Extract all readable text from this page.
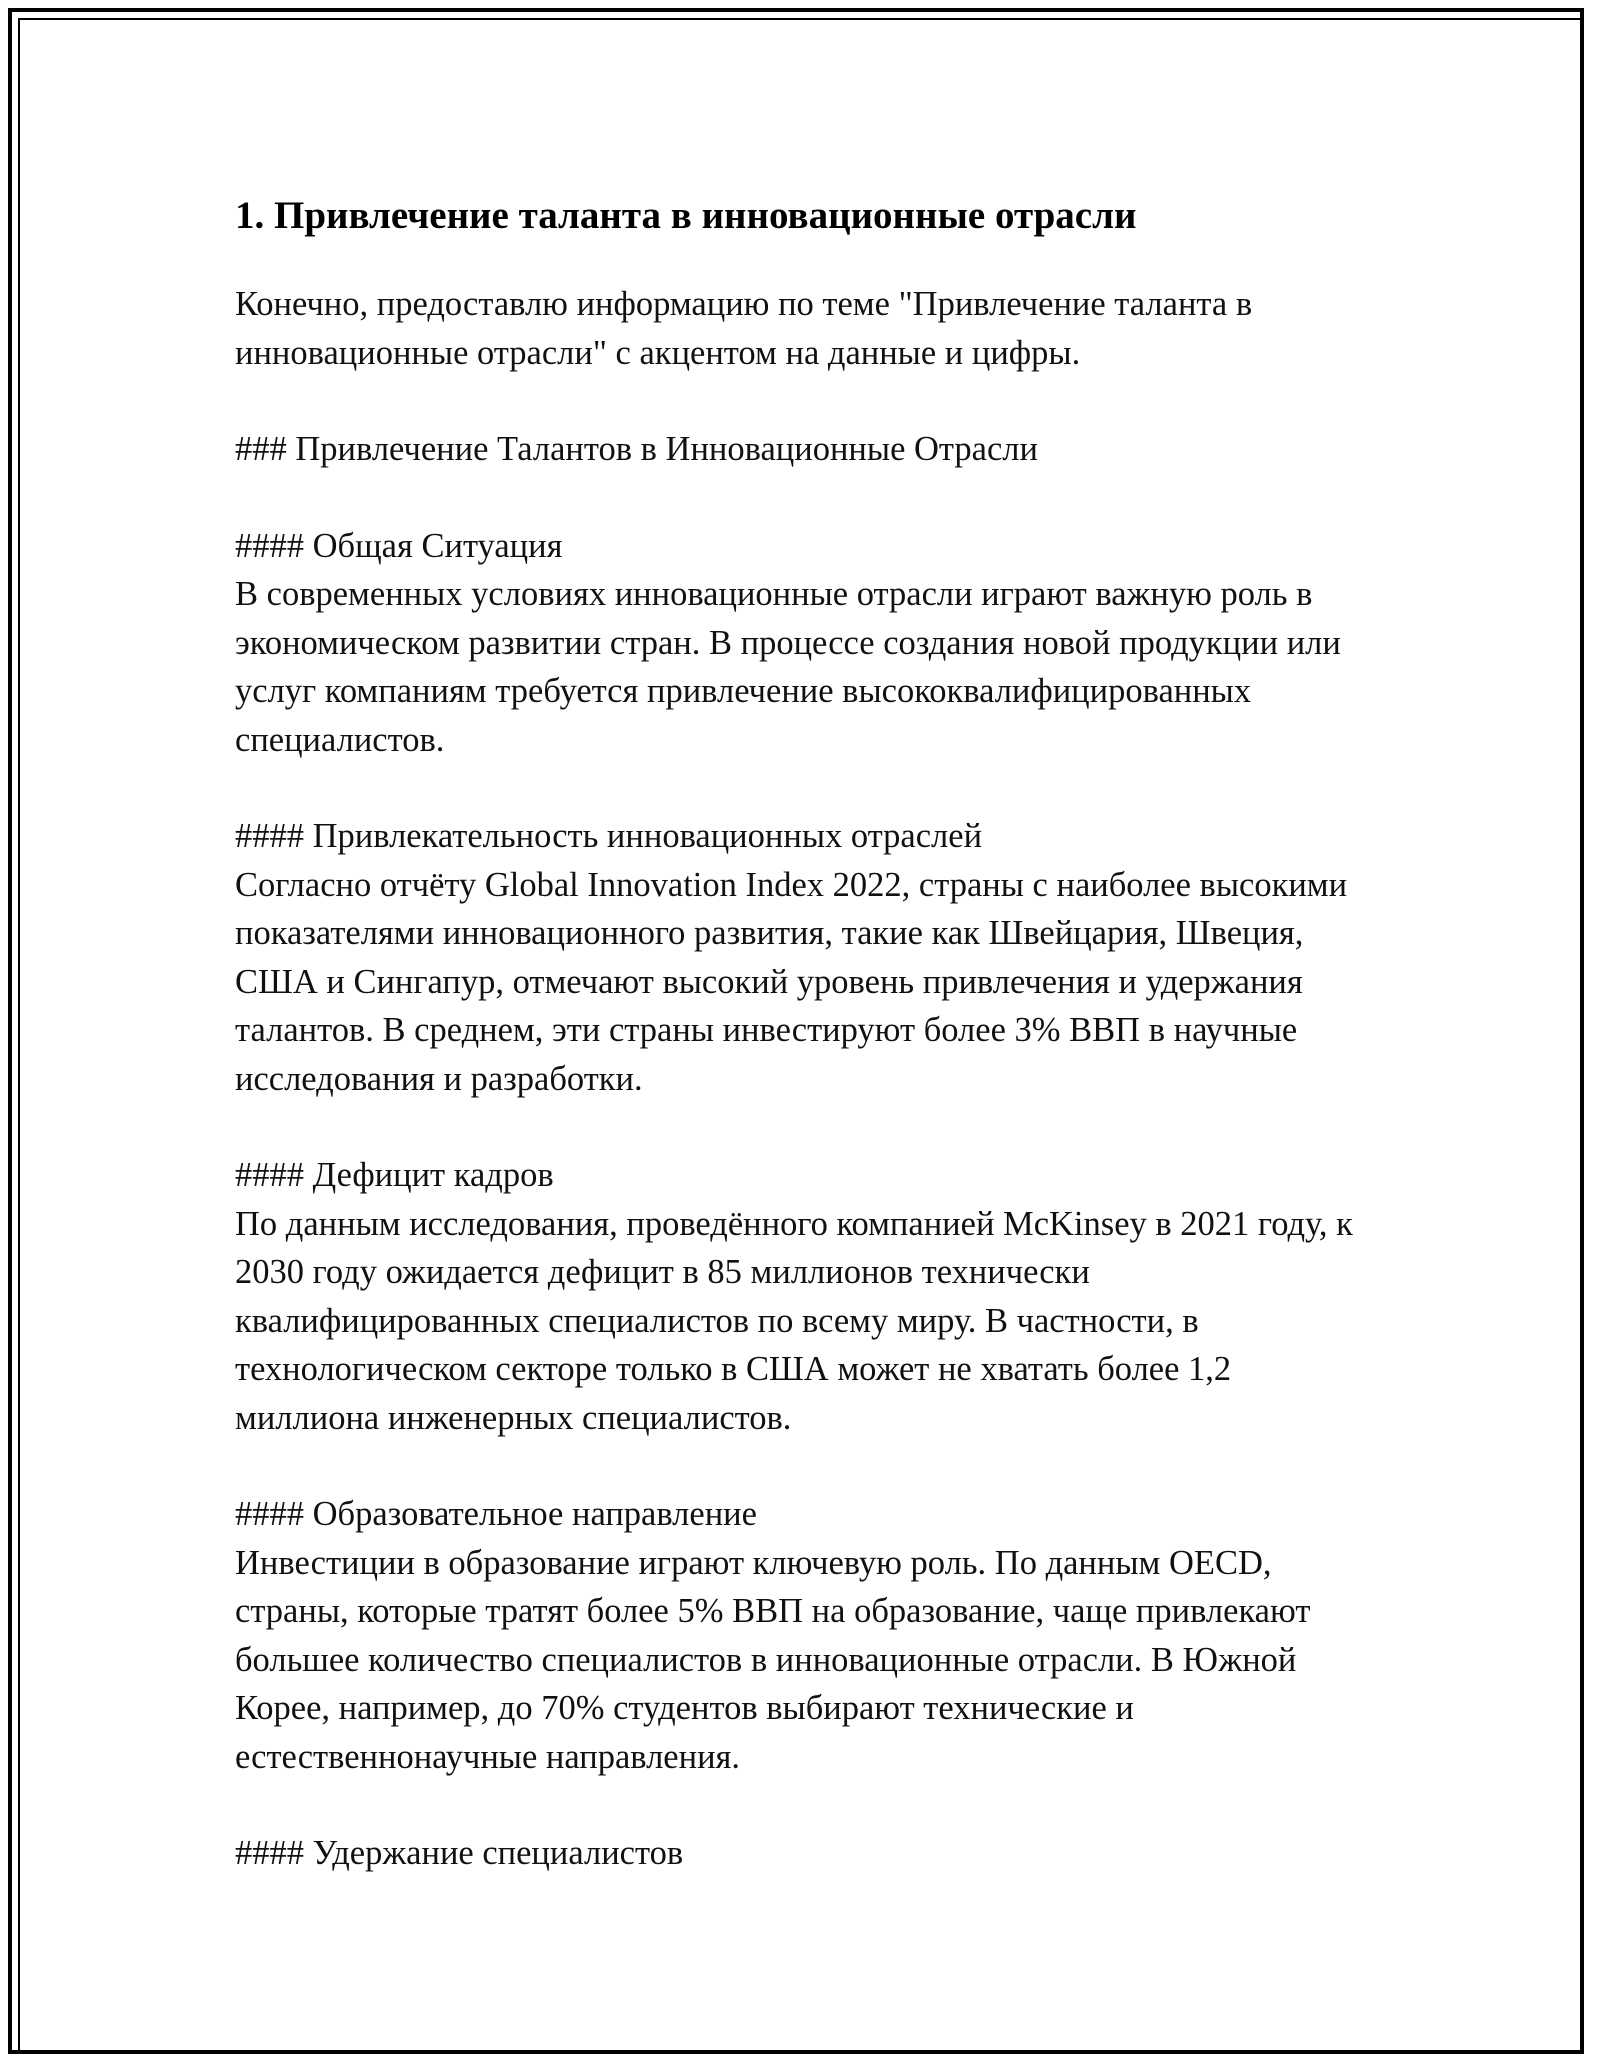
1. Привлечение таланта в инновационные отрасли

Конечно, предоставлю информацию по теме "Привлечение таланта в инновационные отрасли" с акцентом на данные и цифры.

### Привлечение Талантов в Инновационные Отрасли

#### Общая Ситуация
В современных условиях инновационные отрасли играют важную роль в экономическом развитии стран. В процессе создания новой продукции или услуг компаниям требуется привлечение высококвалифицированных специалистов.
#### Привлекательность инновационных отраслей
Согласно отчёту Global Innovation Index 2022, страны с наиболее высокими показателями инновационного развития, такие как Швейцария, Швеция, США и Сингапур, отмечают высокий уровень привлечения и удержания талантов. В среднем, эти страны инвестируют более 3% ВВП в научные исследования и разработки.
#### Дефицит кадров
По данным исследования, проведённого компанией McKinsey в 2021 году, к 2030 году ожидается дефицит в 85 миллионов технически квалифицированных специалистов по всему миру. В частности, в технологическом секторе только в США может не хватать более 1,2 миллиона инженерных специалистов.
#### Образовательное направление
Инвестиции в образование играют ключевую роль. По данным OECD, страны, которые тратят более 5% ВВП на образование, чаще привлекают большее количество специалистов в инновационные отрасли. В Южной Корее, например, до 70% студентов выбирают технические и естественнонаучные направления.
#### Удержание специалистов
